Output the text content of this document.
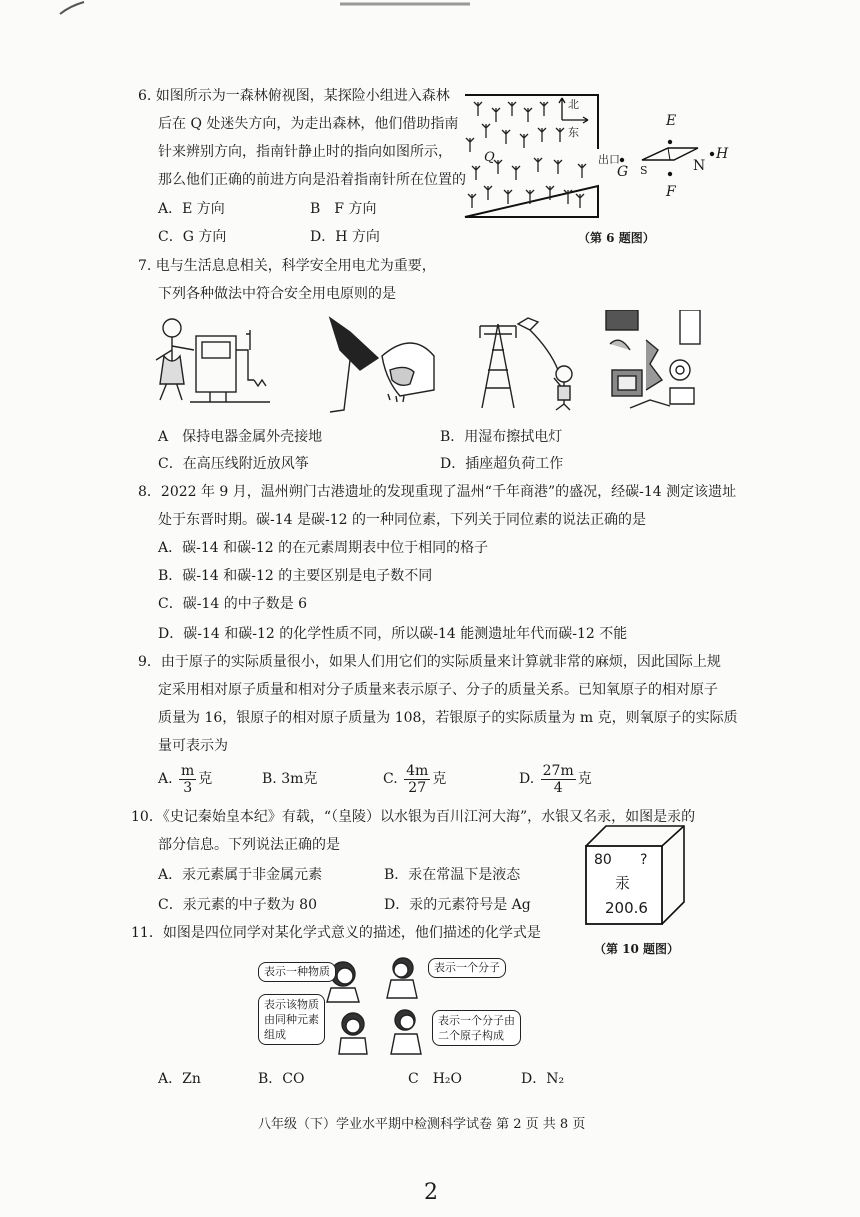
6. 如图所示为一森林俯视图，某探险小组进入森林
后在 Q 处迷失方向，为走出森林，他们借助指南
针来辨别方向，指南针静止时的指向如图所示，
那么他们正确的前进方向是沿着指南针所在位置的
A．E 方向	B　F 方向
C．G 方向	D．H 方向
北
东
Q	出口
E
F
G
H
S	N
（第 6 题图）
7. 电与生活息息相关，科学安全用电尤为重要，
下列各种做法中符合安全用电原则的是
A　保持电器金属外壳接地	B．用湿布擦拭电灯
C．在高压线附近放风筝	D．插座超负荷工作
8．2022 年 9 月，温州朔门古港遗址的发现重现了温州“千年商港”的盛况，经碳-14 测定该遗址
处于东晋时期。碳-14 是碳-12 的一种同位素，下列关于同位素的说法正确的是
A．碳-14 和碳-12 的在元素周期表中位于相同的格子
B．碳-14 和碳-12 的主要区别是电子数不同
C．碳-14 的中子数是 6
D．碳-14 和碳-12 的化学性质不同，所以碳-14 能测遗址年代而碳-12 不能
9．由于原子的实际质量很小，如果人们用它们的实际质量来计算就非常的麻烦，因此国际上规
定采用相对原子质量和相对分子质量来表示原子、分子的质量关系。已知氧原子的相对原子
质量为 16，银原子的相对原子质量为 108，若银原子的实际质量为 m 克，则氧原子的实际质
量可表示为
A. $\frac{m}{3}$ 克	B. 3m克	C. $\frac{4m}{27}$ 克	D. $\frac{27m}{4}$ 克
10．《史记秦始皇本纪》有载，“（皇陵）以水银为百川江河大海”，水银又名汞，如图是汞的
部分信息。下列说法正确的是
A．汞元素属于非金属元素	B．汞在常温下是液态
C．汞元素的中子数为 80	D．汞的元素符号是 Ag
80 ?
汞
200.6
（第 10 题图）
11．如图是四位同学对某化学式意义的描述，他们描述的化学式是
表示一种物质	表示一个分子
表示该物质
由同种元素
组成
表示一个分子由
二个原子构成
A．Zn	B．CO	C　H₂O	D．N₂
八年级（下）学业水平期中检测科学试卷 第 2 页 共 8 页
2
